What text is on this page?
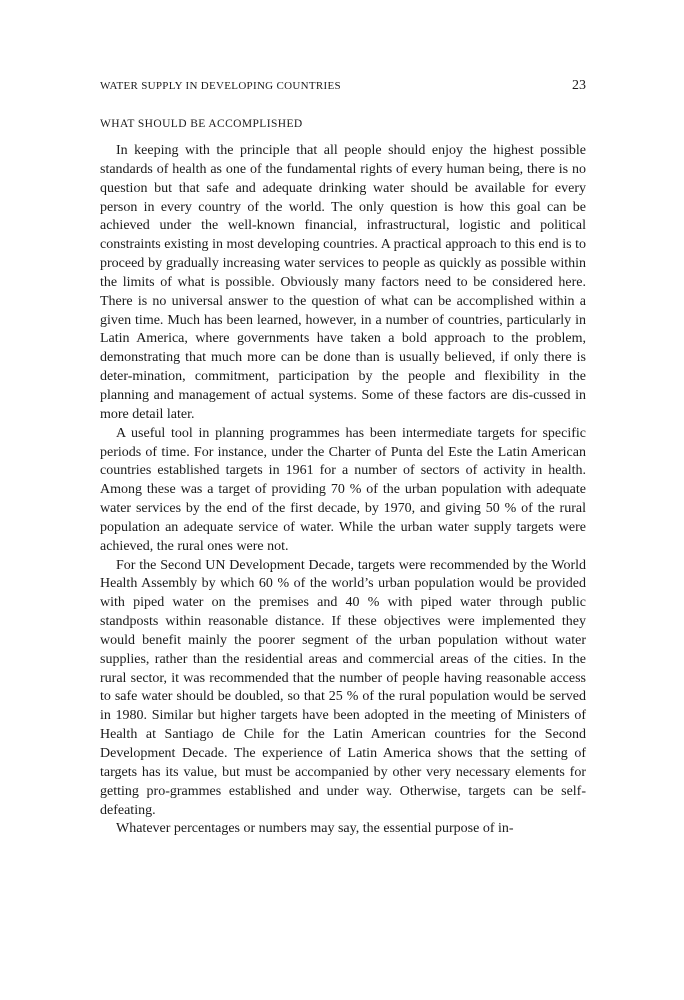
WATER SUPPLY IN DEVELOPING COUNTRIES	23
WHAT SHOULD BE ACCOMPLISHED

In keeping with the principle that all people should enjoy the highest possible standards of health as one of the fundamental rights of every human being, there is no question but that safe and adequate drinking water should be available for every person in every country of the world. The only question is how this goal can be achieved under the well-known financial, infrastructural, logistic and political constraints existing in most developing countries. A practical approach to this end is to proceed by gradually increasing water services to people as quickly as possible within the limits of what is possible. Obviously many factors need to be considered here. There is no universal answer to the question of what can be accomplished within a given time. Much has been learned, however, in a number of countries, particularly in Latin America, where governments have taken a bold approach to the problem, demonstrating that much more can be done than is usually believed, if only there is deter-mination, commitment, participation by the people and flexibility in the planning and management of actual systems. Some of these factors are dis-cussed in more detail later.

A useful tool in planning programmes has been intermediate targets for specific periods of time. For instance, under the Charter of Punta del Este the Latin American countries established targets in 1961 for a number of sectors of activity in health. Among these was a target of providing 70 % of the urban population with adequate water services by the end of the first decade, by 1970, and giving 50 % of the rural population an adequate service of water. While the urban water supply targets were achieved, the rural ones were not.

For the Second UN Development Decade, targets were recommended by the World Health Assembly by which 60 % of the world’s urban population would be provided with piped water on the premises and 40 % with piped water through public standposts within reasonable distance. If these objectives were implemented they would benefit mainly the poorer segment of the urban population without water supplies, rather than the residential areas and commercial areas of the cities. In the rural sector, it was recommended that the number of people having reasonable access to safe water should be doubled, so that 25 % of the rural population would be served in 1980. Similar but higher targets have been adopted in the meeting of Ministers of Health at Santiago de Chile for the Latin American countries for the Second Development Decade. The experience of Latin America shows that the setting of targets has its value, but must be accompanied by other very necessary elements for getting pro-grammes established and under way. Otherwise, targets can be self-defeating.

Whatever percentages or numbers may say, the essential purpose of in-
